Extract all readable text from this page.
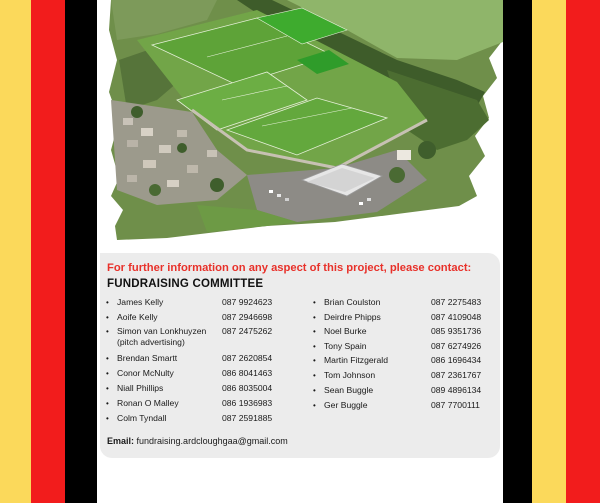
For further information on any aspect of this project, please contact:
FUNDRAISING COMMITTEE
• James Kelly	087 9924623
• Aoife Kelly	087 2946698
• Simon van Lonkhuyzen 087 2475262
(pitch advertising)
• Brendan Smartt	087 2620854
• Conor McNulty	086 8041463
• Niall Phillips	086 8035004
• Ronan O Malley	086 1936983
• Colm Tyndall	087 2591885
• Brian Coulston	087 2275483
• Deirdre Phipps	087 4109048
• Noel Burke	085 9351736
• Tony Spain	087 6274926
• Martin Fitzgerald	086 1696434
• Tom Johnson	087 2361767
• Sean Buggle	089 4896134
• Ger Buggle	087 7700111
Email: fundraising.ardcloughgaa@gmail.com
